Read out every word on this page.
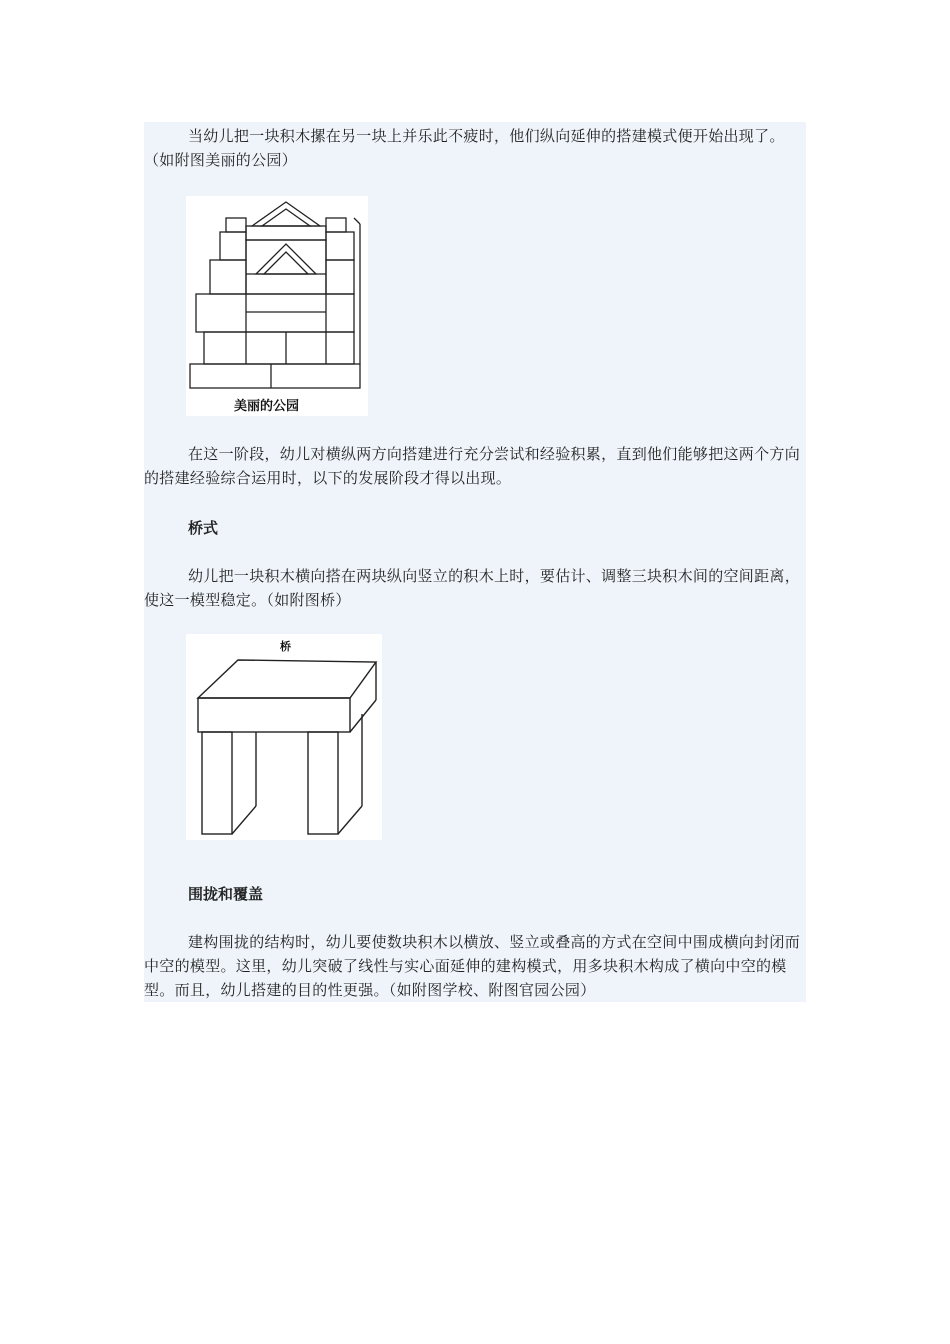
当幼儿把一块积木摞在另一块上并乐此不疲时，他们纵向延伸的搭建模式便开始出现了。（如附图美丽的公园）

美丽的公园

在这一阶段，幼儿对横纵两方向搭建进行充分尝试和经验积累，直到他们能够把这两个方向的搭建经验综合运用时，以下的发展阶段才得以出现。

桥式

幼儿把一块积木横向搭在两块纵向竖立的积木上时，要估计、调整三块积木间的空间距离，使这一模型稳定。（如附图桥）

桥

围拢和覆盖

建构围拢的结构时，幼儿要使数块积木以横放、竖立或叠高的方式在空间中围成横向封闭而中空的模型。这里，幼儿突破了线性与实心面延伸的建构模式，用多块积木构成了横向中空的模型。而且，幼儿搭建的目的性更强。（如附图学校、附图官园公园）
